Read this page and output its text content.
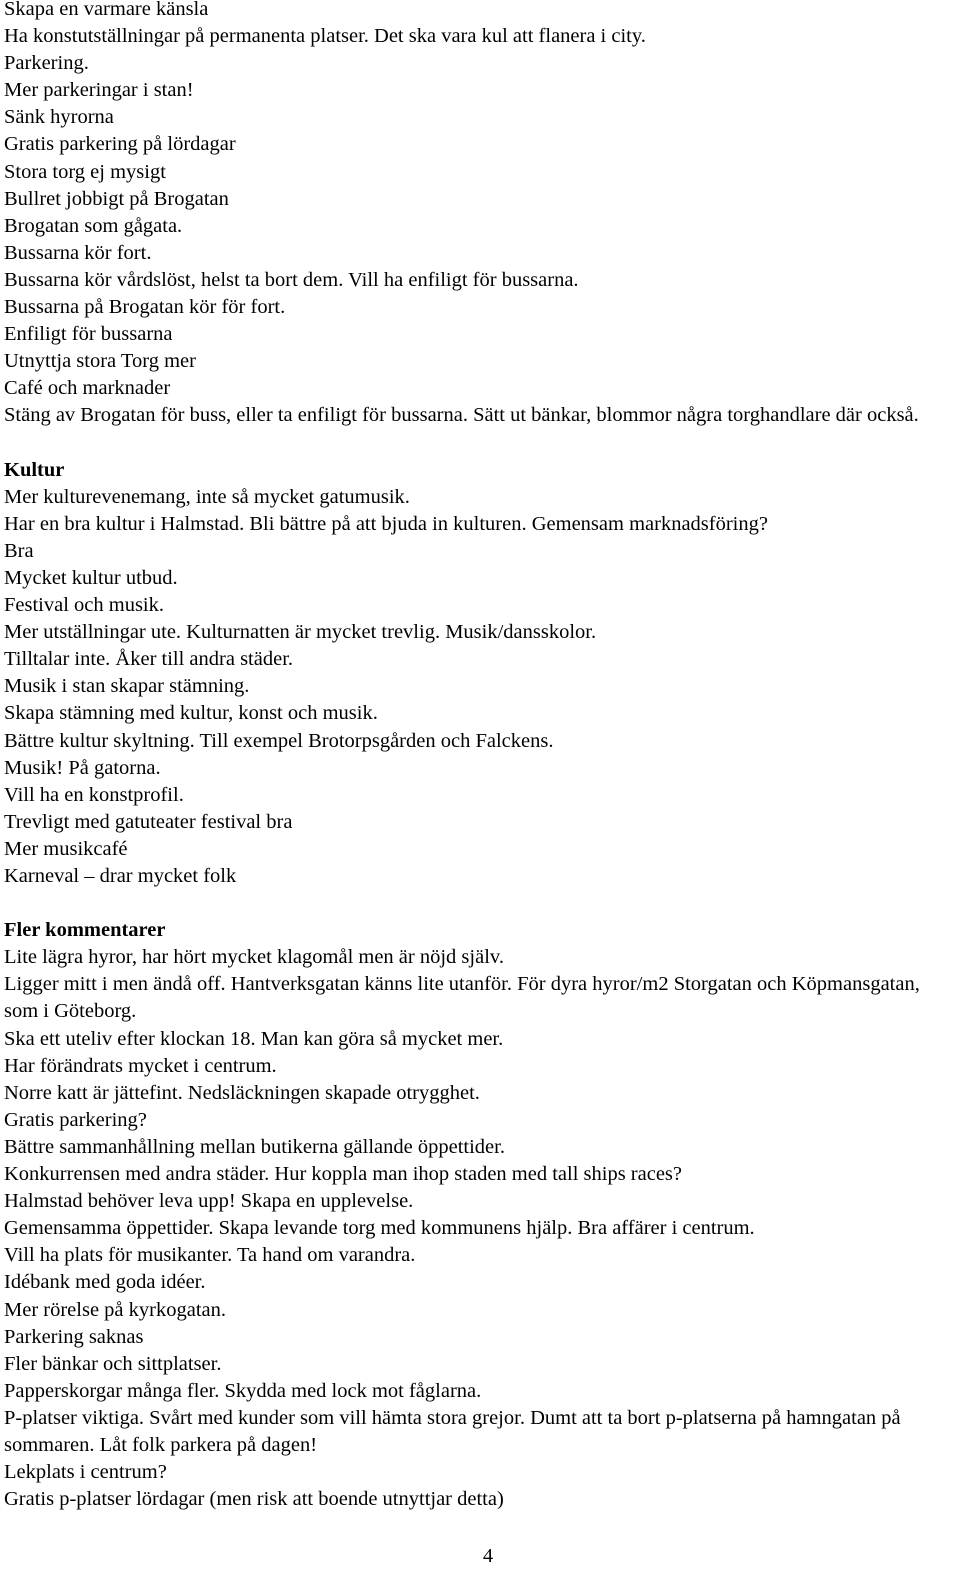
Skapa en varmare känsla

Ha konstutställningar på permanenta platser. Det ska vara kul att flanera i city.

Parkering.

Mer parkeringar i stan!

Sänk hyrorna

Gratis parkering på lördagar

Stora torg ej mysigt

Bullret jobbigt på Brogatan

Brogatan som gågata.

Bussarna kör fort.

Bussarna kör vårdslöst, helst ta bort dem. Vill ha enfiligt för bussarna.

Bussarna på Brogatan kör för fort.

Enfiligt för bussarna

Utnyttja stora Torg mer

Café och marknader

Stäng av Brogatan för buss, eller ta enfiligt för bussarna. Sätt ut bänkar, blommor några torghandlare där också.

Kultur

Mer kulturevenemang, inte så mycket gatumusik.

Har en bra kultur i Halmstad. Bli bättre på att bjuda in kulturen. Gemensam marknadsföring?

Bra

Mycket kultur utbud.

Festival och musik.

Mer utställningar ute. Kulturnatten är mycket trevlig. Musik/dansskolor.

Tilltalar inte. Åker till andra städer.

Musik i stan skapar stämning.

Skapa stämning med kultur, konst och musik.

Bättre kultur skyltning. Till exempel Brotorpsgården och Falckens.

Musik! På gatorna.

Vill ha en konstprofil.

Trevligt med gatuteater festival bra

Mer musikcafé

Karneval – drar mycket folk

Fler kommentarer

Lite lägra hyror, har hört mycket klagomål men är nöjd själv.

Ligger mitt i men ändå off. Hantverksgatan känns lite utanför. För dyra hyror/m2 Storgatan och Köpmansgatan, som i Göteborg.

Ska ett uteliv efter klockan 18. Man kan göra så mycket mer.

Har förändrats mycket i centrum.

Norre katt är jättefint. Nedsläckningen skapade otrygghet.

Gratis parkering?

Bättre sammanhållning mellan butikerna gällande öppettider.

Konkurrensen med andra städer. Hur koppla man ihop staden med tall ships races?

Halmstad behöver leva upp! Skapa en upplevelse.

Gemensamma öppettider. Skapa levande torg med kommunens hjälp. Bra affärer i centrum.

Vill ha plats för musikanter. Ta hand om varandra.

Idébank med goda idéer.

Mer rörelse på kyrkogatan.

Parkering saknas

Fler bänkar och sittplatser.

Papperskorgar många fler. Skydda med lock mot fåglarna.

P-platser viktiga. Svårt med kunder som vill hämta stora grejor. Dumt att ta bort p-platserna på hamngatan på sommaren. Låt folk parkera på dagen!

Lekplats i centrum?

Gratis p-platser lördagar (men risk att boende utnyttjar detta)

4
